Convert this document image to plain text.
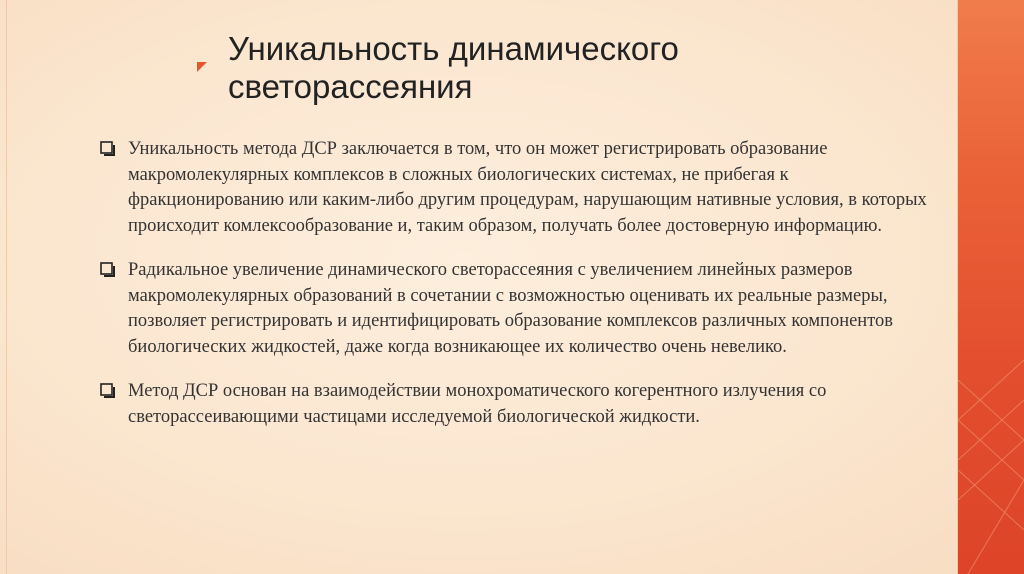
Уникальность динамического светорассеяния
Уникальность метода ДСР заключается в том, что он может регистрировать образование макромолекулярных комплексов в сложных биологических системах, не прибегая к фракционированию или каким-либо другим процедурам, нарушающим нативные условия, в которых происходит комлексообразование и, таким образом, получать более достоверную информацию.
Радикальное увеличение динамического светорассеяния с увеличением линейных размеров макромолекулярных образований в сочетании с возможностью оценивать их реальные размеры, позволяет регистрировать и идентифицировать образование комплексов различных компонентов биологических жидкостей, даже когда возникающее их количество очень невелико.
Метод ДСР основан на взаимодействии монохроматического когерентного излучения со светорассеивающими частицами исследуемой биологической жидкости.
